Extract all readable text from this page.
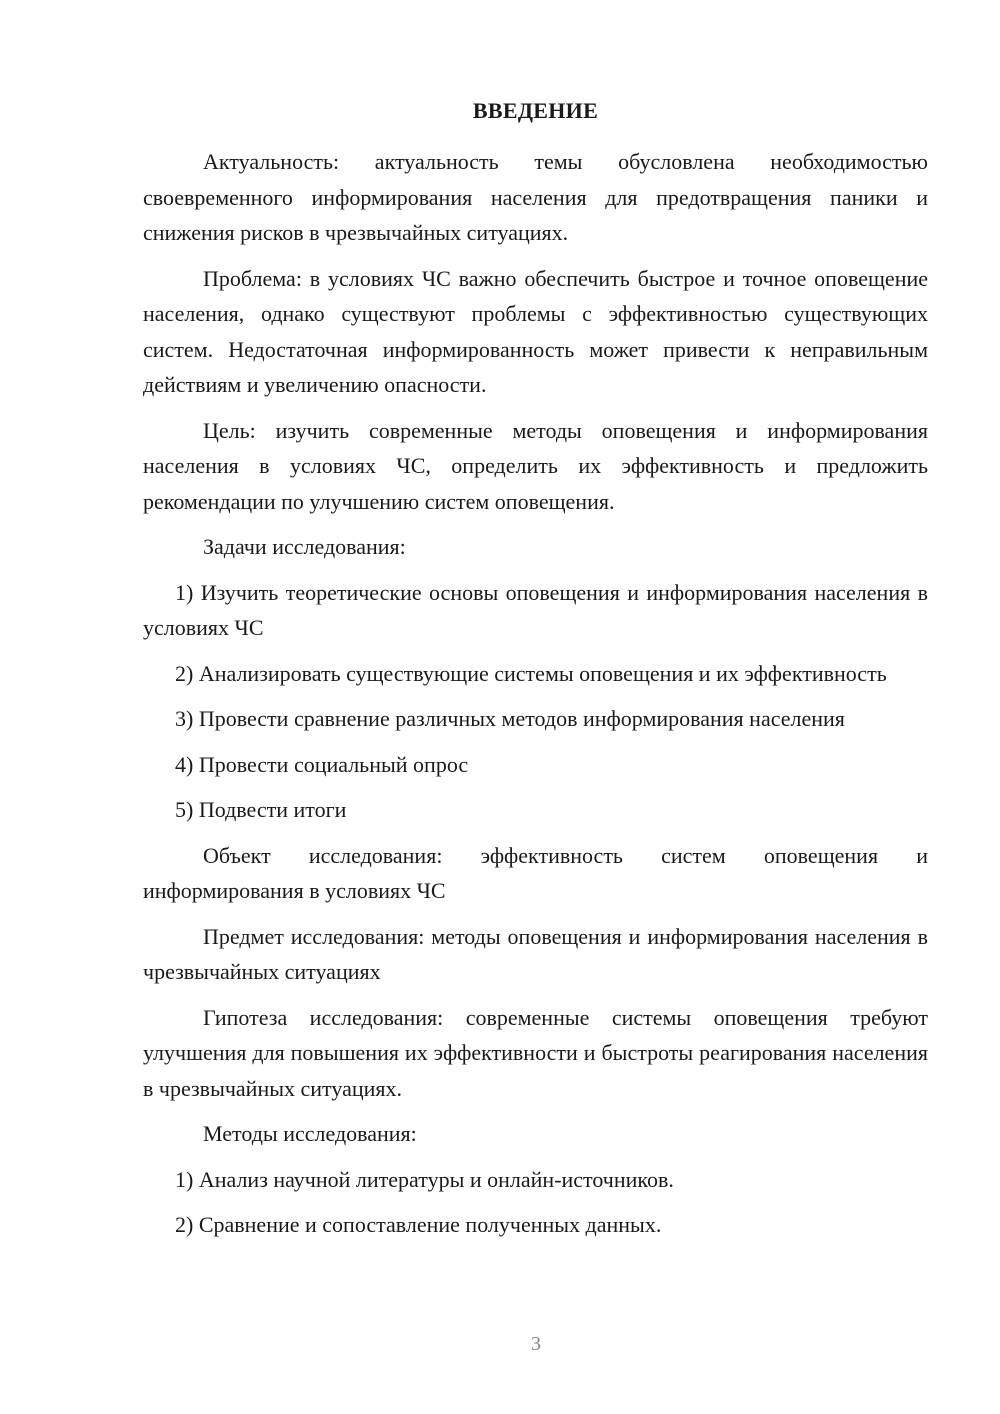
ВВЕДЕНИЕ

Актуальность: актуальность темы обусловлена необходимостью своевременного информирования населения для предотвращения паники и снижения рисков в чрезвычайных ситуациях.

Проблема: в условиях ЧС важно обеспечить быстрое и точное оповещение населения, однако существуют проблемы с эффективностью существующих систем. Недостаточная информированность может привести к неправильным действиям и увеличению опасности.

Цель: изучить современные методы оповещения и информирования населения в условиях ЧС, определить их эффективность и предложить рекомендации по улучшению систем оповещения.

Задачи исследования:

1) Изучить теоретические основы оповещения и информирования населения в условиях ЧС

2) Анализировать существующие системы оповещения и их эффективность

3) Провести сравнение различных методов информирования населения

4) Провести социальный опрос

5) Подвести итоги

Объект исследования: эффективность систем оповещения и информирования в условиях ЧС

Предмет исследования: методы оповещения и информирования населения в чрезвычайных ситуациях

Гипотеза исследования: современные системы оповещения требуют улучшения для повышения их эффективности и быстроты реагирования населения в чрезвычайных ситуациях.

Методы исследования:

1) Анализ научной литературы и онлайн-источников.

2) Сравнение и сопоставление полученных данных.

3
